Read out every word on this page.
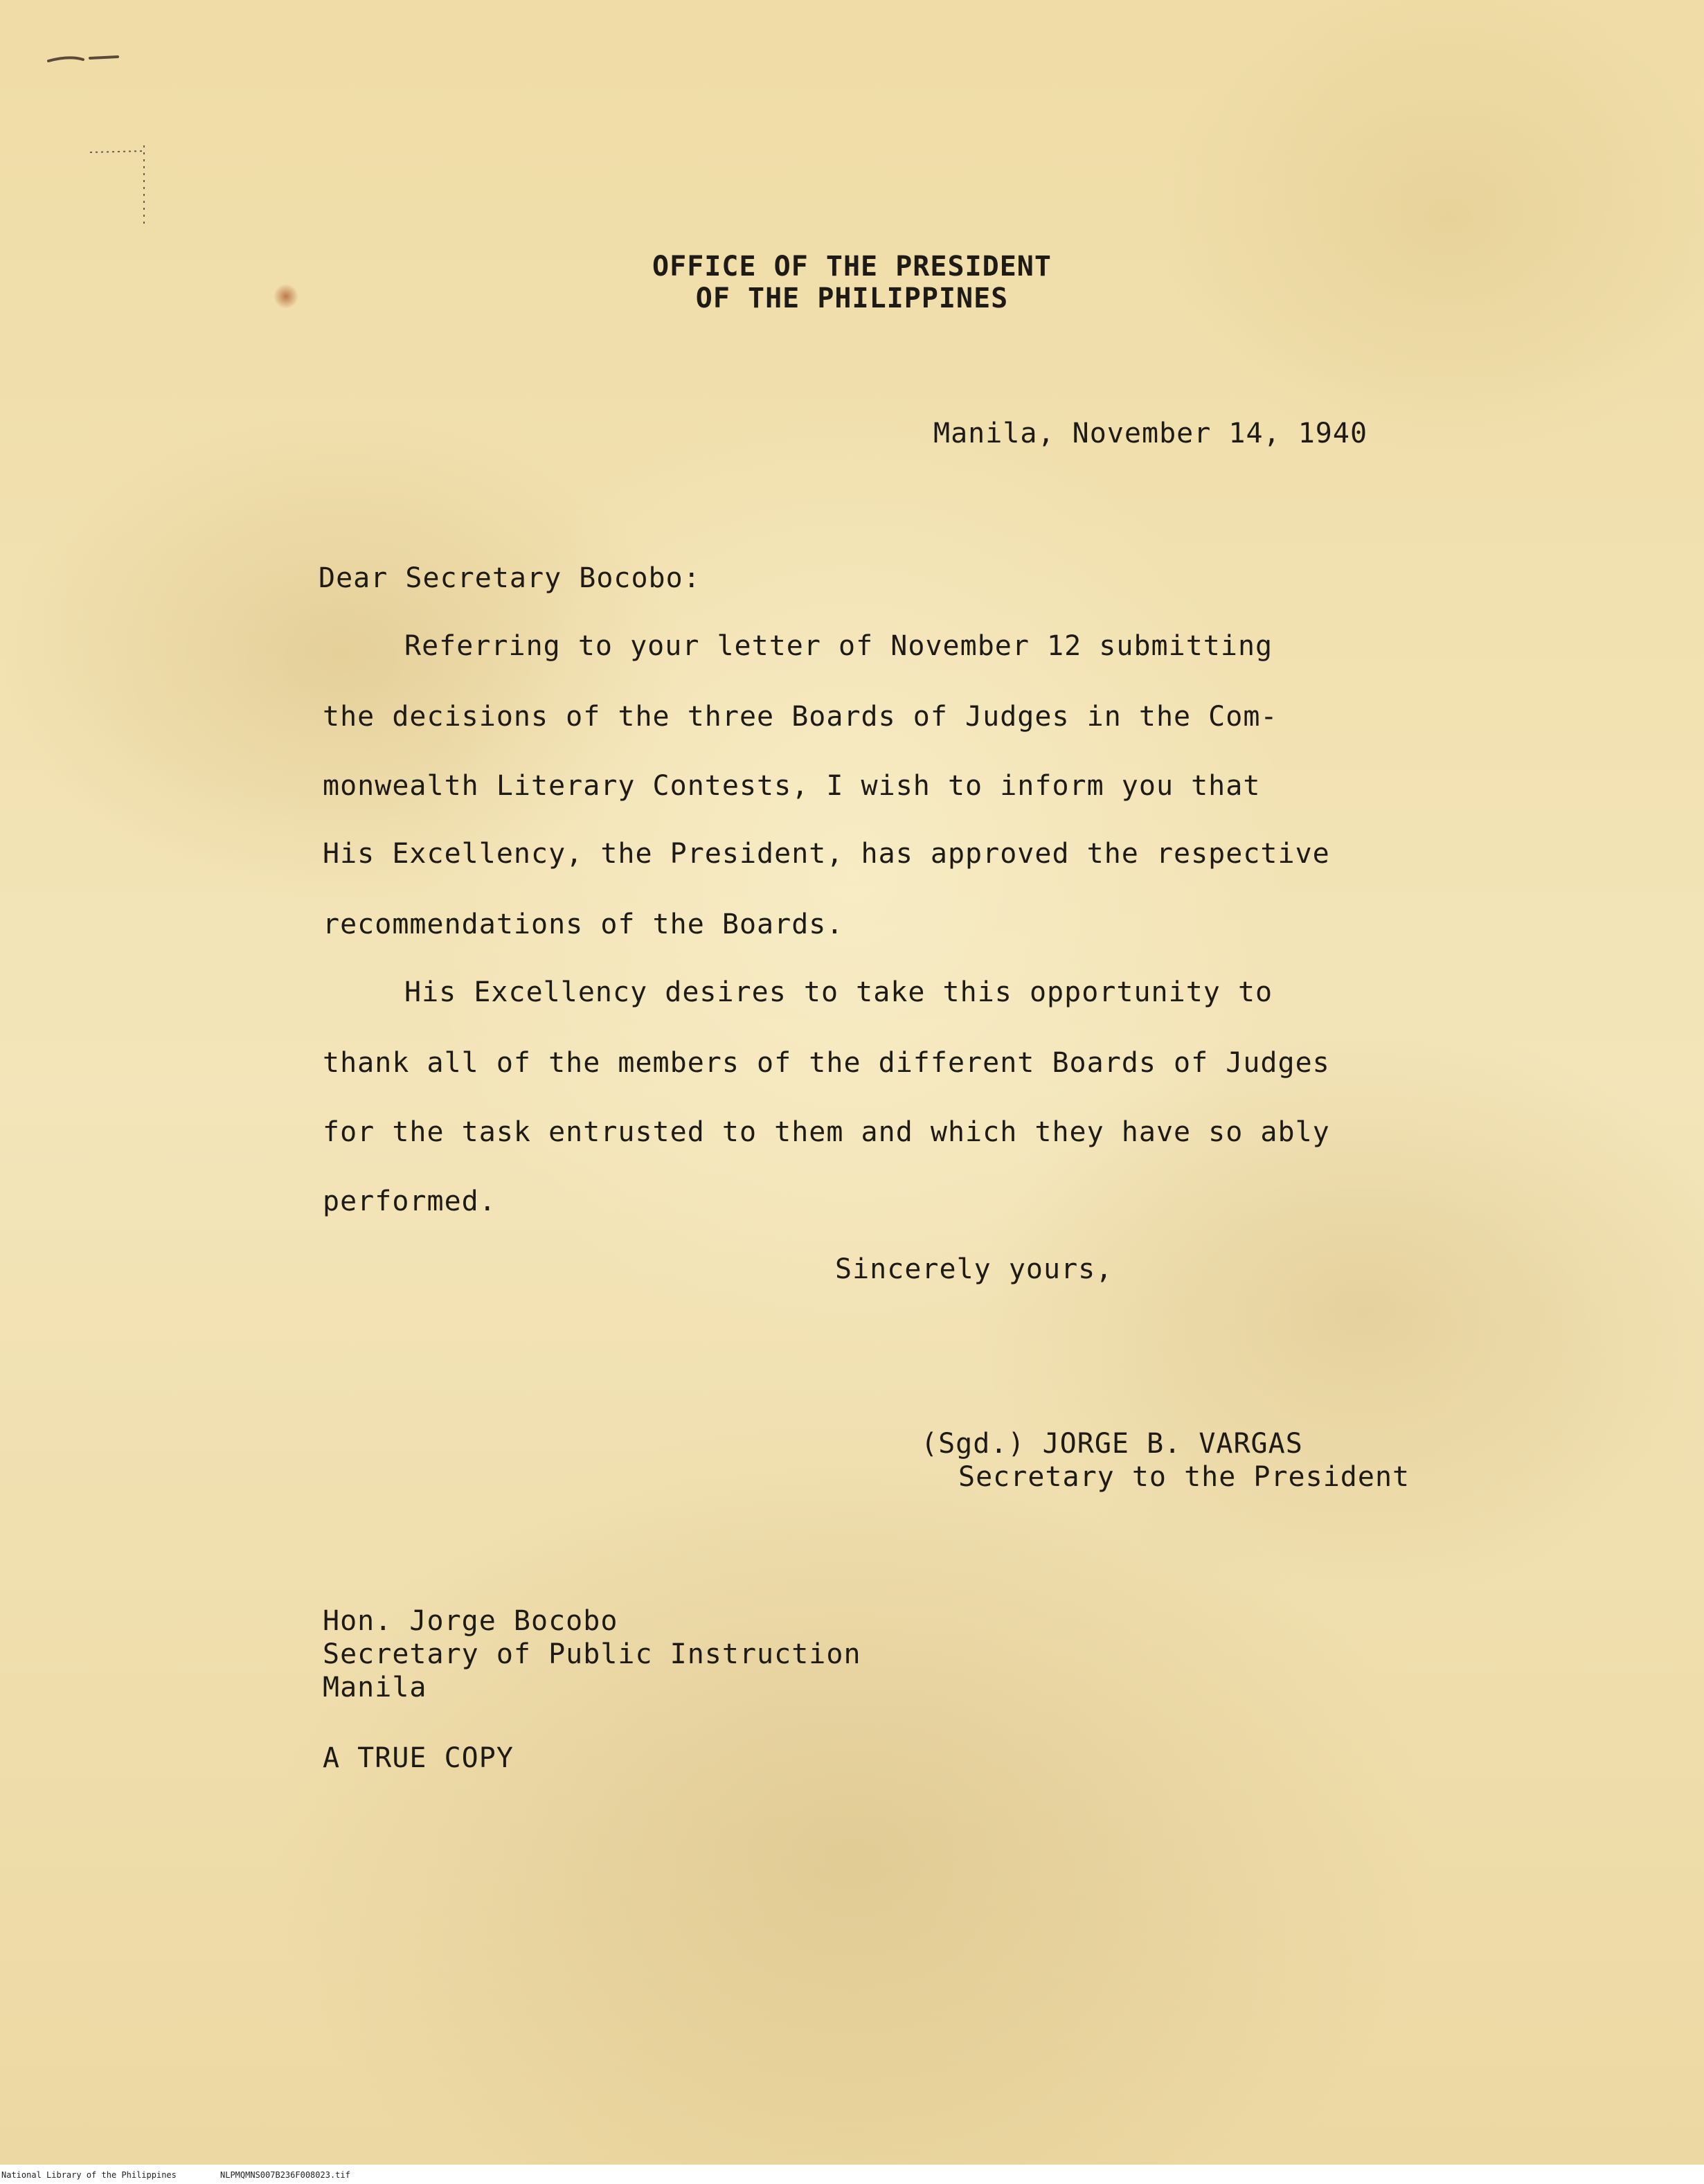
OFFICE OF THE PRESIDENT
OF THE PHILIPPINES
Manila, November 14, 1940
Dear Secretary Bocobo:
Referring to your letter of November 12 submitting
the decisions of the three Boards of Judges in the Com-
monwealth Literary Contests, I wish to inform you that
His Excellency, the President, has approved the respective
recommendations of the Boards.
His Excellency desires to take this opportunity to
thank all of the members of the different Boards of Judges
for the task entrusted to them and which they have so ably
performed.
Sincerely yours,
(Sgd.) JORGE B. VARGAS
Secretary to the President
Hon. Jorge Bocobo
Secretary of Public Instruction
Manila
A TRUE COPY
National Library of the Philippines	NLPMQMNS007B236F008023.tif
